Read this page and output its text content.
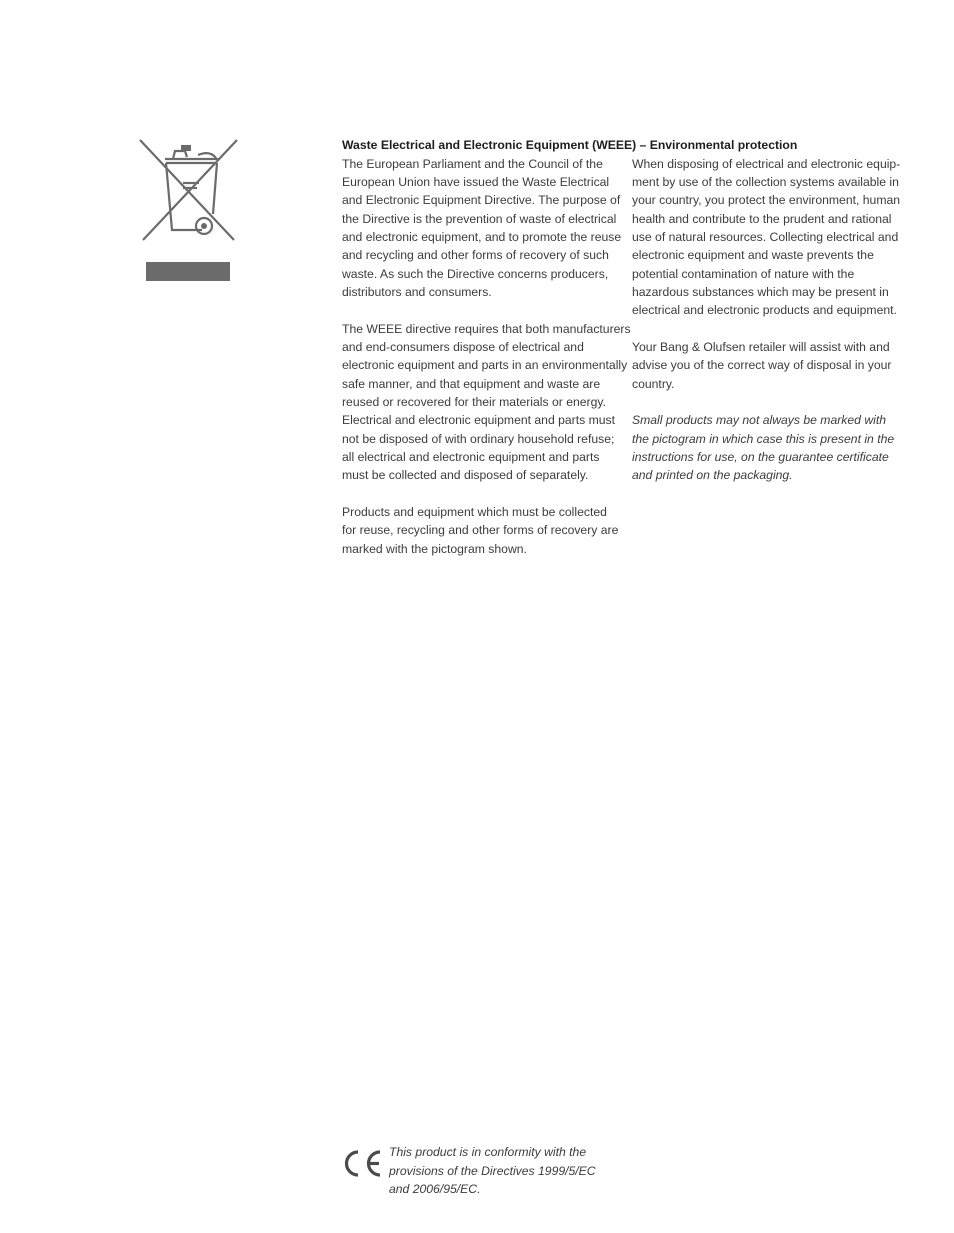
Waste Electrical and Electronic Equipment (WEEE) – Environmental protection

The European Parliament and the Council of the
European Union have issued the Waste Electrical
and Electronic Equipment Directive. The purpose of
the Directive is the prevention of waste of electrical
and electronic equipment, and to promote the reuse
and recycling and other forms of recovery of such
waste. As such the Directive concerns producers,
distributors and consumers.

The WEEE directive requires that both manufacturers
and end-consumers dispose of electrical and
electronic equipment and parts in an environmentally
safe manner, and that equipment and waste are
reused or recovered for their materials or energy.
Electrical and electronic equipment and parts must
not be disposed of with ordinary household refuse;
all electrical and electronic equipment and parts
must be collected and disposed of separately.

Products and equipment which must be collected
for reuse, recycling and other forms of recovery are
marked with the pictogram shown.

When disposing of electrical and electronic equip-
ment by use of the collection systems available in
your country, you protect the environment, human
health and contribute to the prudent and rational
use of natural resources. Collecting electrical and
electronic equipment and waste prevents the
potential contamination of nature with the
hazardous substances which may be present in
electrical and electronic products and equipment.

Your Bang & Olufsen retailer will assist with and
advise you of the correct way of disposal in your
country.

Small products may not always be marked with
the pictogram in which case this is present in the
instructions for use, on the guarantee certificate
and printed on the packaging.

This product is in conformity with the
provisions of the Directives 1999/5/EC
and 2006/95/EC.
